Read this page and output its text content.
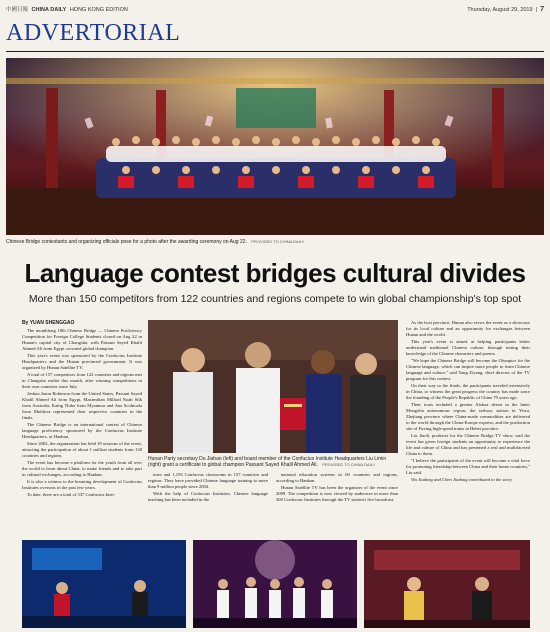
中國日報 CHINA DAILY HONG KONG EDITION	Thursday, August 29, 2019  |  7
ADVERTORIAL
Chinese Bridge contestants and organizing officials pose for a photo after the awarding ceremony on Aug 22. PROVIDED TO CHINA DAILY
Language contest bridges cultural divides
More than 150 competitors from 122 countries and regions compete to win global championship's top spot
By YUAN SHENGGAO

The monthlong 18th Chinese Bridge — Chinese Proficiency Competition for Foreign College Students closed on Aug 22 in Hunan's capital city of Changsha, with Passant Sayed Khalil Ahmed Ali from Egypt crowned global champion.

This year's event was sponsored by the Confucius Institute Headquarters and the Hunan provincial government. It was organized by Hunan Satellite TV.

A total of 157 competitors from 122 countries and regions met in Changsha earlier this month, after winning competitions in their own countries since July.

Joshua Jason Robinson from the United States, Passant Sayed Khalil Ahmed Ali from Egypt, Maximilian Millard Noah Silk from Australia, Kaing Thiha from Myanmar and Ana Scobioala from Moldova represented their respective countries in the finals.

The Chinese Bridge is an international contest of Chinese language proficiency sponsored by the Confucius Institute Headquarters, or Hanban.

Since 2002, the organization has held 18 sessions of the event, attracting the participation of about 1 million students from 130 countries and regions.

The event has become a platform for the youth from all over the world to learn about China, to make friends and to take part in cultural exchanges, according to Hanban.

It is also a witness to the booming development of Confucius Institutes overseas in the past few years.

To date, there are a total of 537 Confucius Insti-

Hunan Party secretary Du Jiahao (left) and board member of the Confucius Institute Headquarters Liu Limin (right) grant a certificate to global champion Passant Sayed Khalil Ahmed Ali. PROVIDED TO CHINA DAILY

tutes and 1,193 Confucius classrooms in 157 countries and regions. They have provided Chinese language training to more than 9 million people since 2004.

With the help of Confucius Institutes, Chinese language teaching has been included in the

national education systems in 60 countries and regions, according to Hanban.

Hunan Satellite TV has been the organizer of the event since 2009. The competition is now viewed by audiences in more than 200 Confucius Institutes through the TV station's live broadcast.

As the host province, Hunan also views the event as a showcase for its local culture and an opportunity for exchanges between Hunan and the world.

This year's event is aimed at helping participants better understand traditional Chinese culture, through testing their knowledge of the Chinese characters and poems.

"We hope the Chinese Bridge will become the Olympics for the Chinese language, which can inspire more people to learn Chinese language and culture," said Yang Ziyang, chief director of the TV program for this contest.

On their way to the finals, the participants traveled extensively in China, to witness the great progress the country has made since the founding of the People's Republic of China 70 years ago.

Their tours included a greater Alxhaa desert in the Inner Mongolia autonomous region; the railway station in Yiwu, Zhejiang province where China-made commodities are delivered to the world through the China-Europe express; and the production site of Fuxing high-speed trains in Hebei province.

Liu Jiaoli, producer for the Chinese Bridge TV show, said the event has given foreign students an opportunity to experience the life and culture of China and has presented a real and multifaceted China to them.

"I believe the participants of the event will become a vital force for promoting friendship between China and their home countries," Liu said.

Wu Jiadong and Chen Jiadong contributed to the story.
